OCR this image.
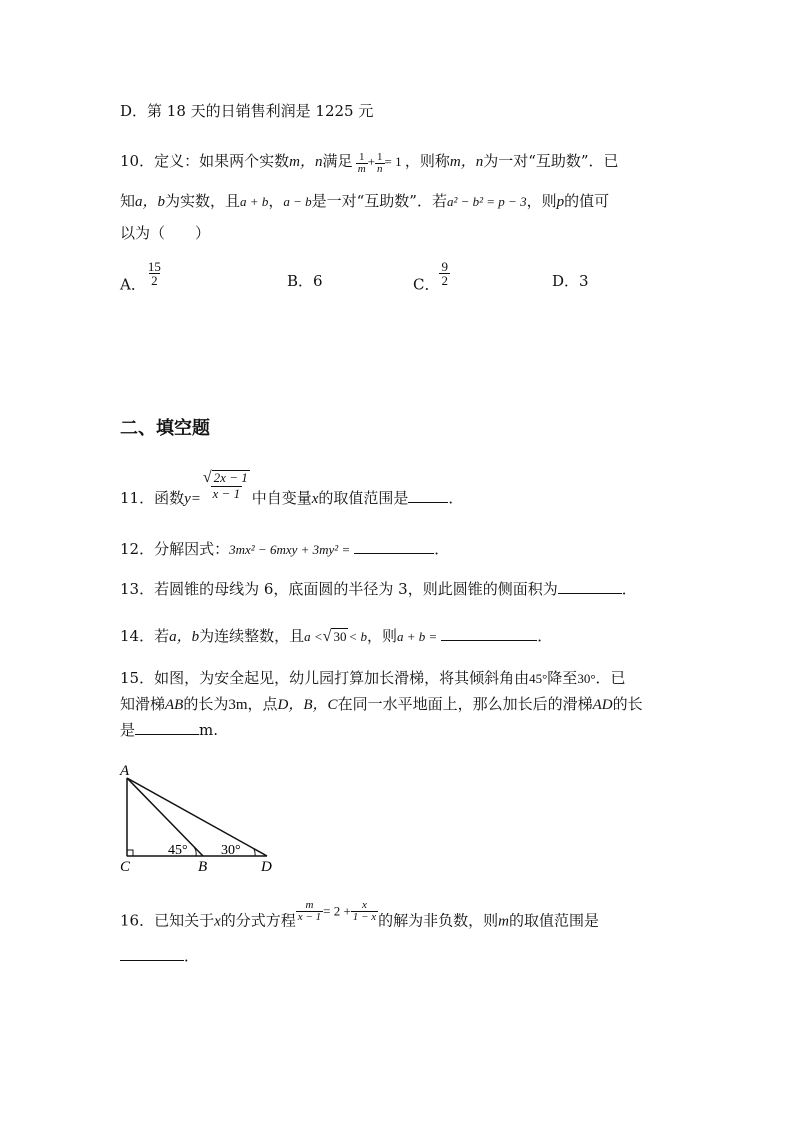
D．第 18 天的日销售利润是 1225 元
10．定义：如果两个实数m，n满足 $\frac{1}{m} + \frac{1}{n} = 1$ ，则称m，n为一对“互助数”．已
知a，b为实数，且a + b，a − b是一对“互助数”．若a² − b² = p − 3，则p的值可
以为（　　）
A． $\frac{15}{2}$	B．6	C． $\frac{9}{2}$	D．3
二、填空题
11．函数$y= \frac{√ 2x - 1}{x - 1}$ 中自变量x的取值范围是	．
12．分解因式：3mx² − 6mxy + 3my² =	．
13．若圆锥的母线为 6，底面圆的半径为 3，则此圆锥的侧面积为	．
14．若a，b为连续整数，且a <√ 30 < b，则a + b =	．
15．如图，为安全起见，幼儿园打算加长滑梯，将其倾斜角由45°降至30°．已
知滑梯AB的长为3m，点D，B，C在同一水平地面上，那么加长后的滑梯AD的长
是	m.
A
C	B	D
45° 30°
16．已知关于x的分式方程 $\frac{m}{x - 1} = 2 + \frac{x}{1 - x}$ 的解为非负数，则m的取值范围是
．
